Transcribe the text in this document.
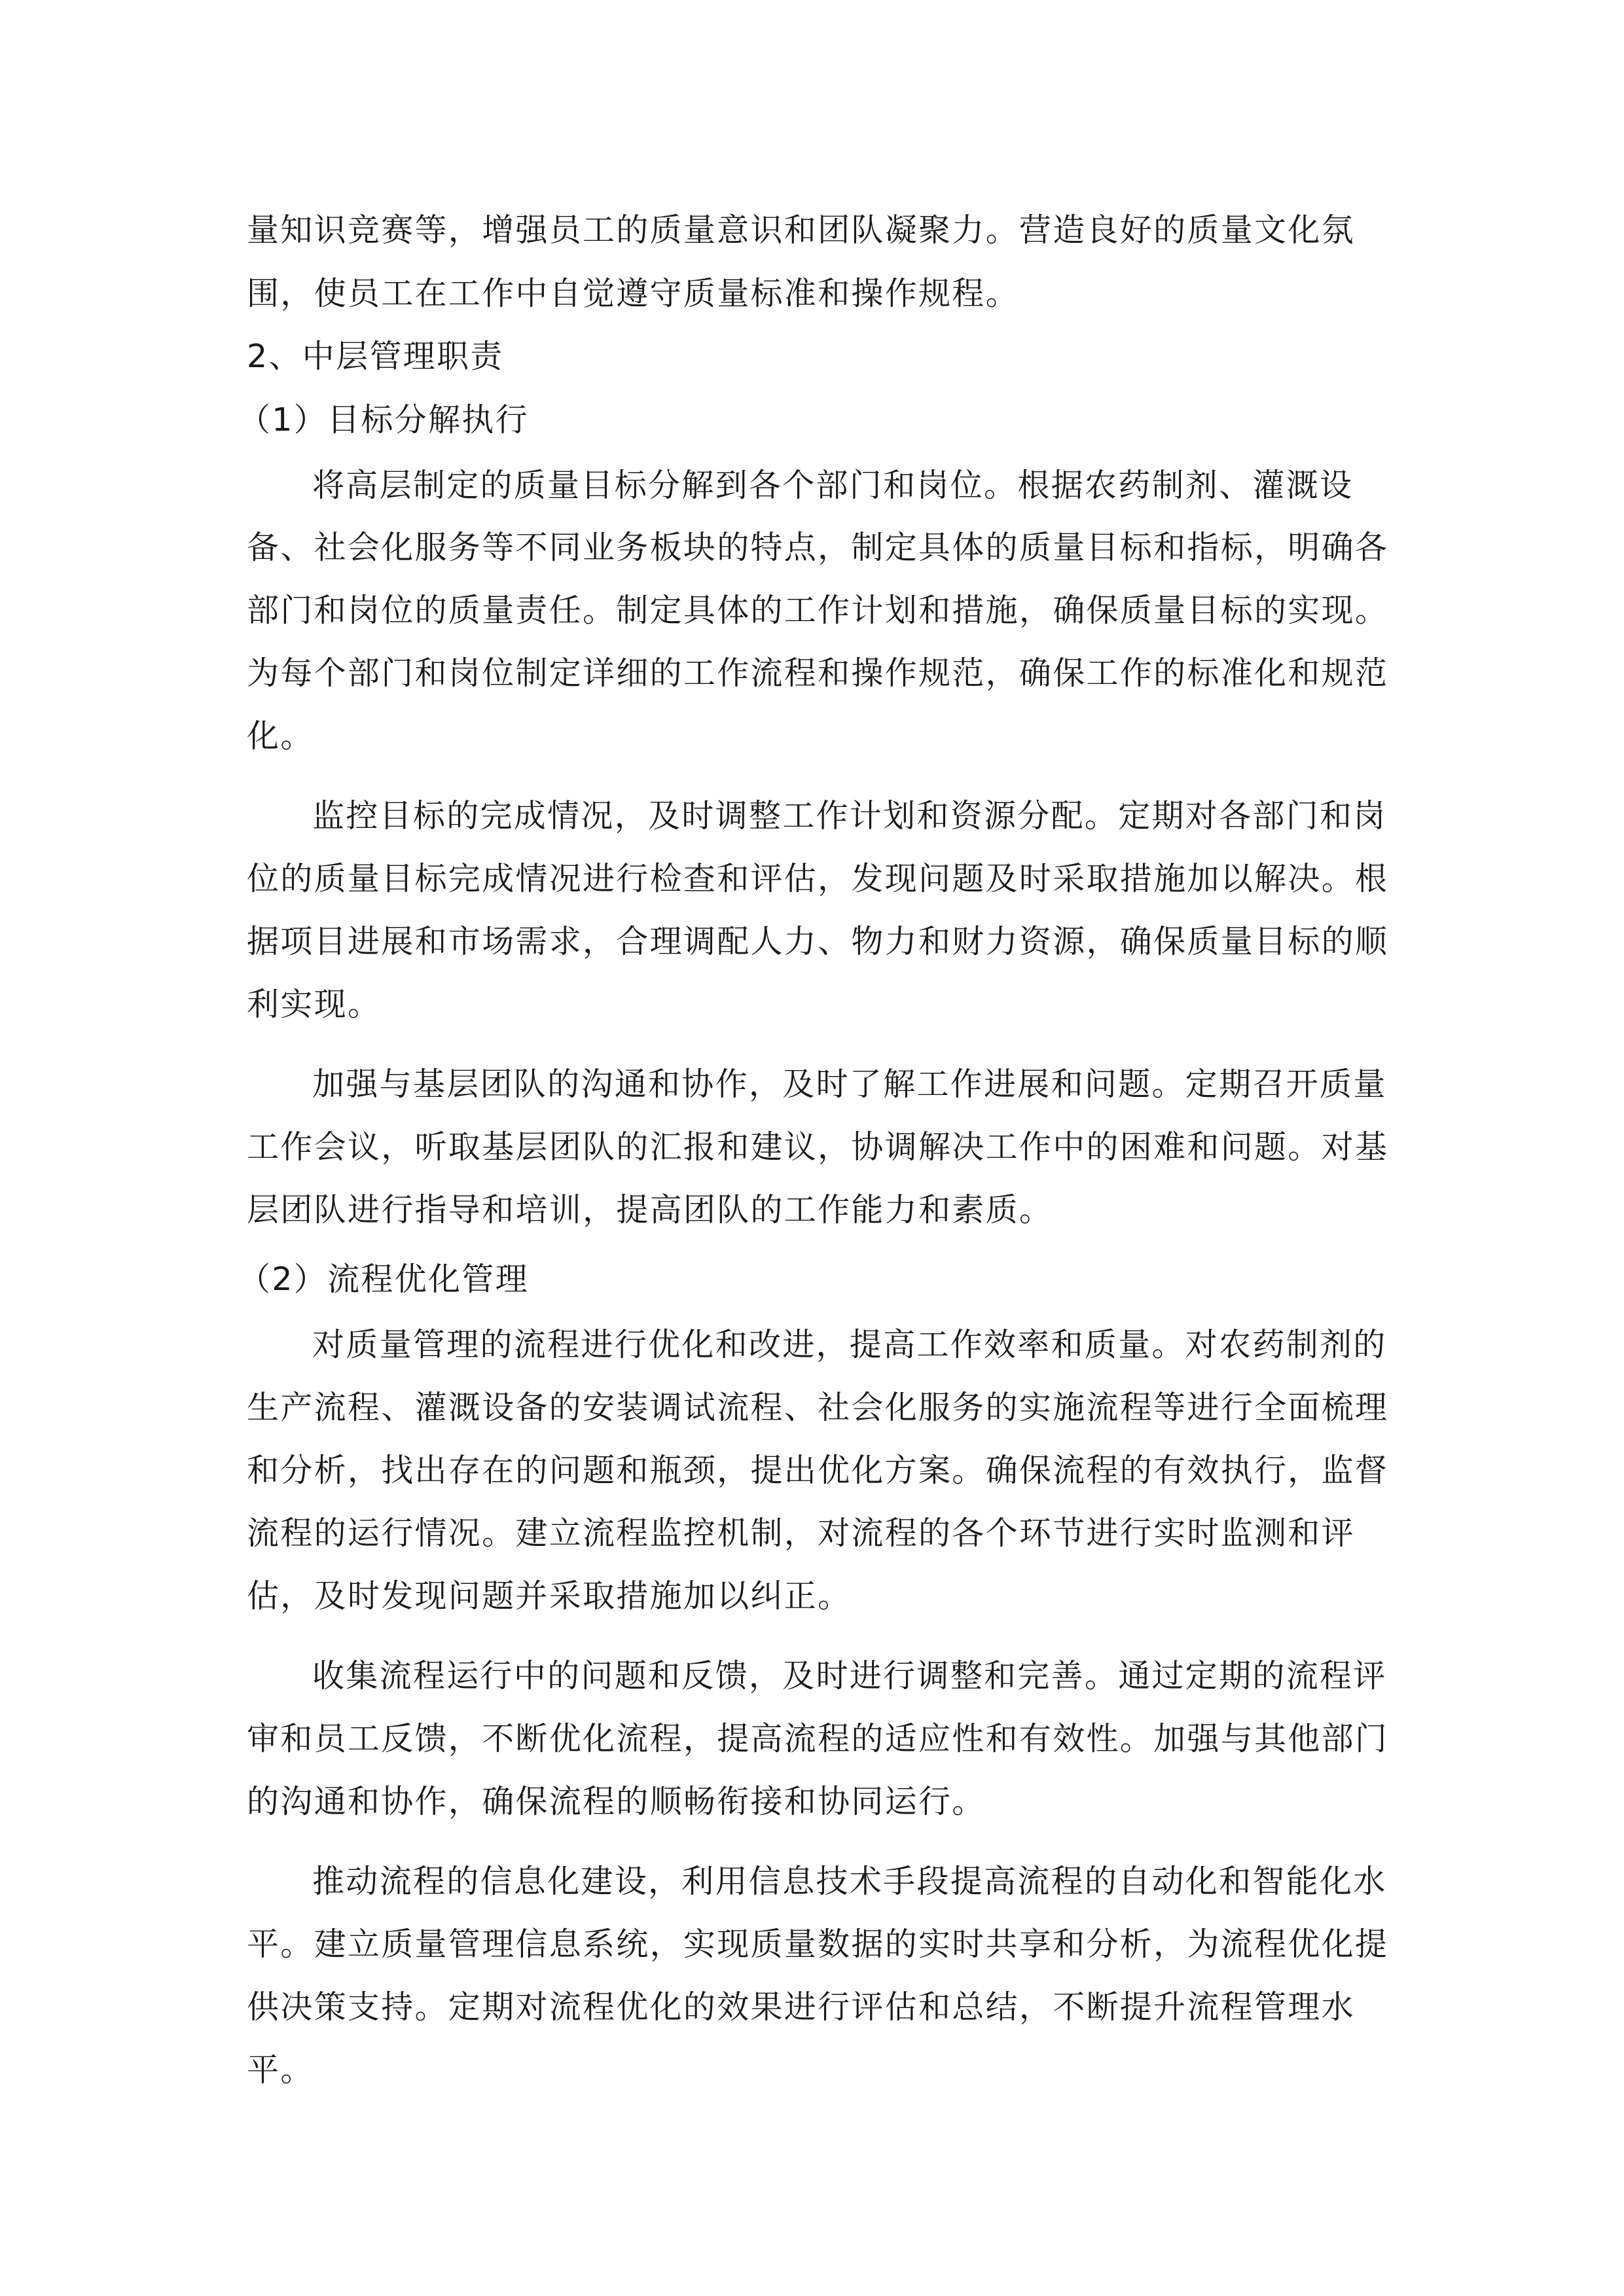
量知识竞赛等，增强员工的质量意识和团队凝聚力。营造良好的质量文化氛
围，使员工在工作中自觉遵守质量标准和操作规程。
2、中层管理职责
（1）目标分解执行
将高层制定的质量目标分解到各个部门和岗位。根据农药制剂、灌溉设
备、社会化服务等不同业务板块的特点，制定具体的质量目标和指标，明确各
部门和岗位的质量责任。制定具体的工作计划和措施，确保质量目标的实现。
为每个部门和岗位制定详细的工作流程和操作规范，确保工作的标准化和规范
化。
监控目标的完成情况，及时调整工作计划和资源分配。定期对各部门和岗
位的质量目标完成情况进行检查和评估，发现问题及时采取措施加以解决。根
据项目进展和市场需求，合理调配人力、物力和财力资源，确保质量目标的顺
利实现。
加强与基层团队的沟通和协作，及时了解工作进展和问题。定期召开质量
工作会议，听取基层团队的汇报和建议，协调解决工作中的困难和问题。对基
层团队进行指导和培训，提高团队的工作能力和素质。
（2）流程优化管理
对质量管理的流程进行优化和改进，提高工作效率和质量。对农药制剂的
生产流程、灌溉设备的安装调试流程、社会化服务的实施流程等进行全面梳理
和分析，找出存在的问题和瓶颈，提出优化方案。确保流程的有效执行，监督
流程的运行情况。建立流程监控机制，对流程的各个环节进行实时监测和评
估，及时发现问题并采取措施加以纠正。
收集流程运行中的问题和反馈，及时进行调整和完善。通过定期的流程评
审和员工反馈，不断优化流程，提高流程的适应性和有效性。加强与其他部门
的沟通和协作，确保流程的顺畅衔接和协同运行。
推动流程的信息化建设，利用信息技术手段提高流程的自动化和智能化水
平。建立质量管理信息系统，实现质量数据的实时共享和分析，为流程优化提
供决策支持。定期对流程优化的效果进行评估和总结，不断提升流程管理水
平。
